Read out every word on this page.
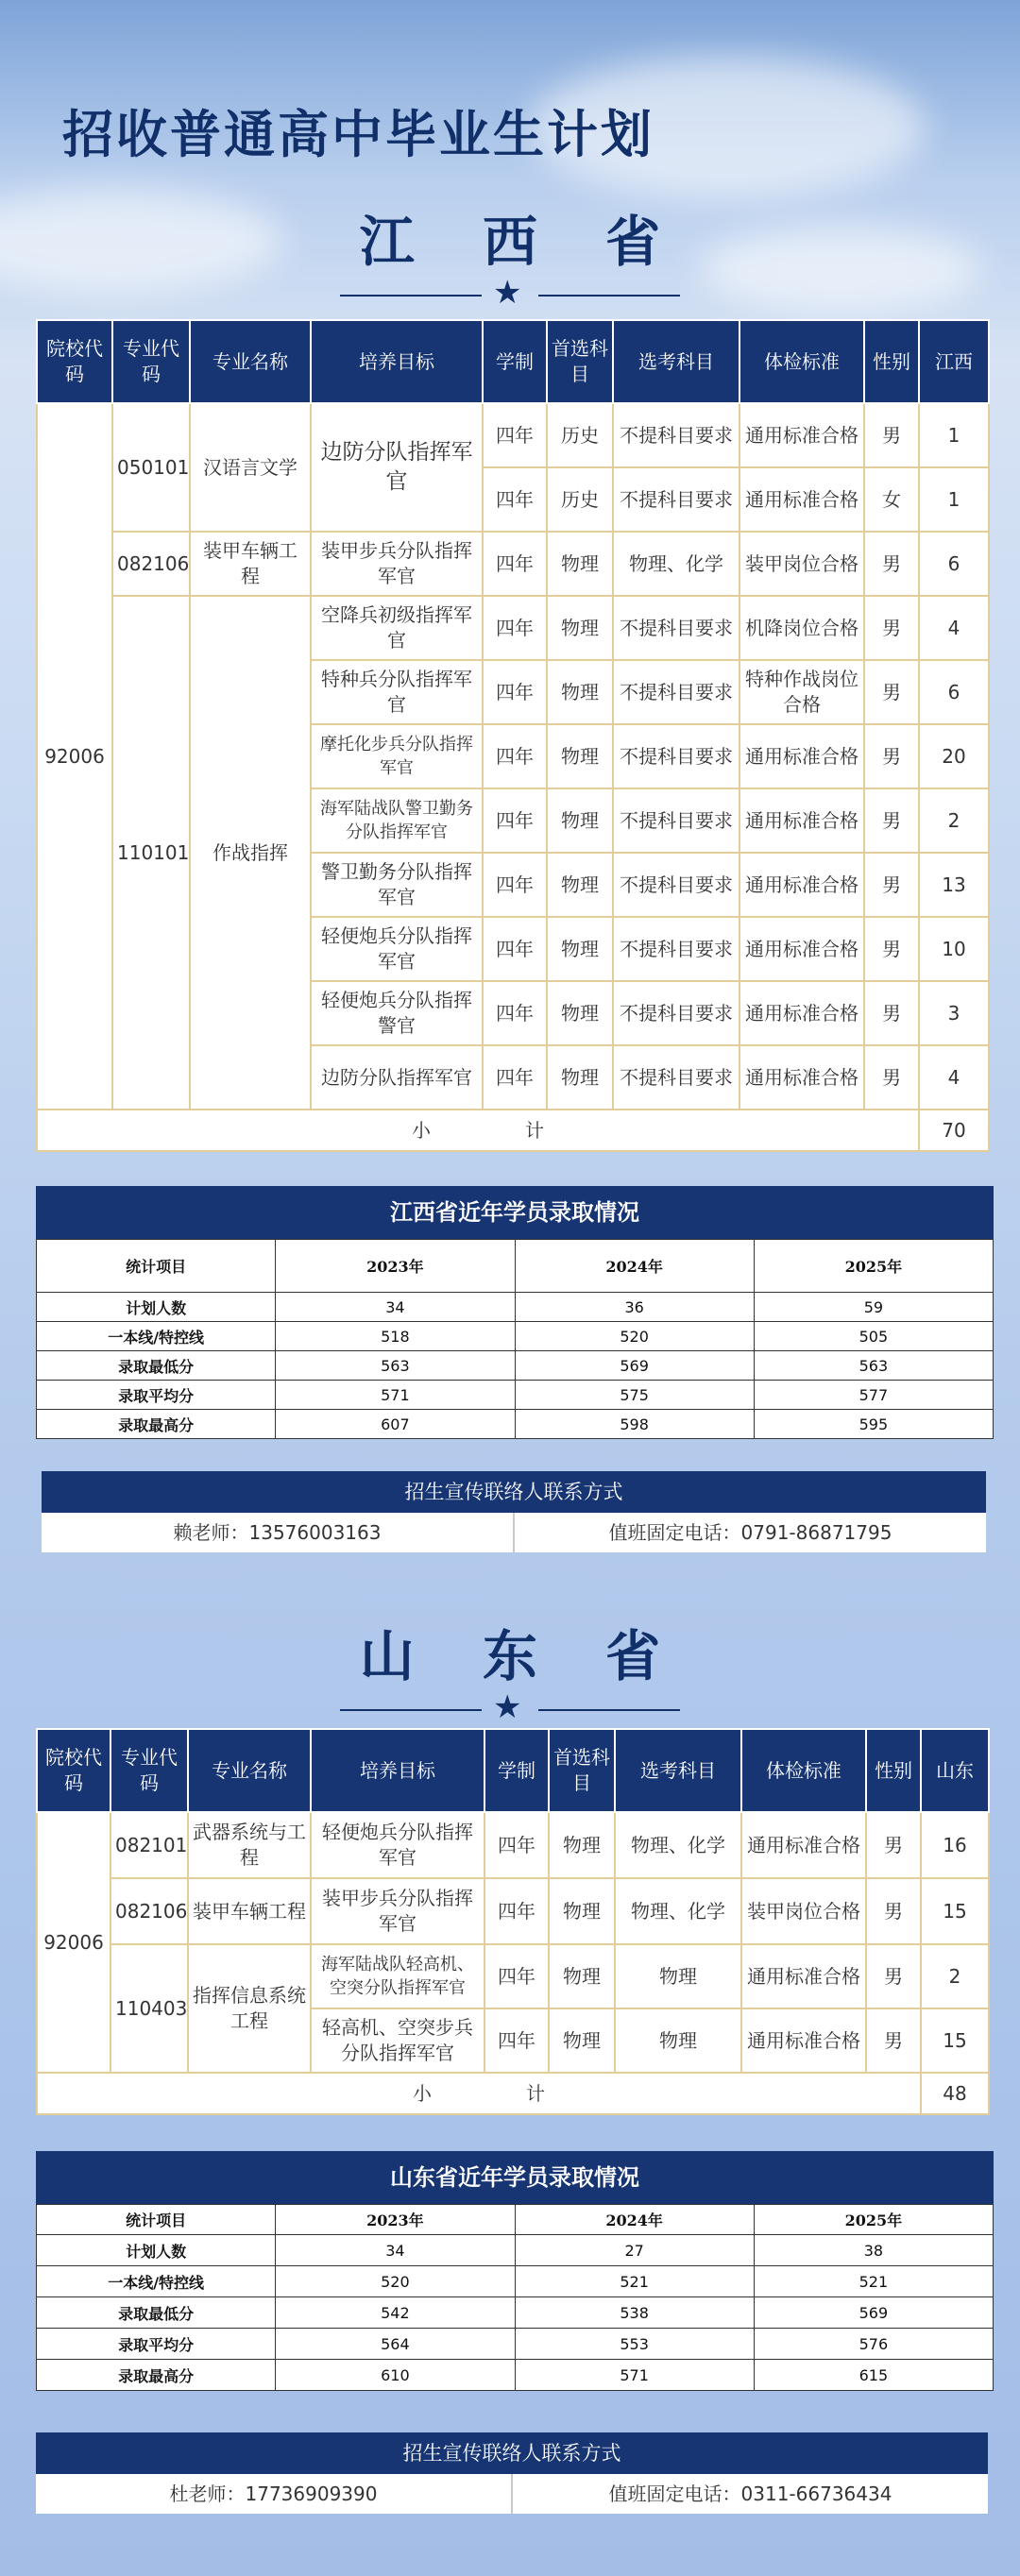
招收普通高中毕业生计划
江 西 省
★
院校代码	专业代码	专业名称	培养目标	学制	首选科目	选考科目	体检标准	性别	江西
92006	050101	汉语言文学	边防分队指挥军官	四年	历史	不提科目要求	通用标准合格	男	1
				四年	历史	不提科目要求	通用标准合格	女	1
	082106	装甲车辆工程	装甲步兵分队指挥军官	四年	物理	物理、化学	装甲岗位合格	男	6
	110101	作战指挥	空降兵初级指挥军官	四年	物理	不提科目要求	机降岗位合格	男	4
			特种兵分队指挥军官	四年	物理	不提科目要求	特种作战岗位合格	男	6
			摩托化步兵分队指挥军官	四年	物理	不提科目要求	通用标准合格	男	20
			海军陆战队警卫勤务分队指挥军官	四年	物理	不提科目要求	通用标准合格	男	2
			警卫勤务分队指挥军官	四年	物理	不提科目要求	通用标准合格	男	13
			轻便炮兵分队指挥军官	四年	物理	不提科目要求	通用标准合格	男	10
			轻便炮兵分队指挥警官	四年	物理	不提科目要求	通用标准合格	男	3
			边防分队指挥军官	四年	物理	不提科目要求	通用标准合格	男	4
小　　　　　计									70
江西省近年学员录取情况
统计项目	2023年	2024年	2025年
计划人数	34	36	59
一本线/特控线	518	520	505
录取最低分	563	569	563
录取平均分	571	575	577
录取最高分	607	598	595
招生宣传联络人联系方式
赖老师：13576003163	值班固定电话：0791-86871795
山 东 省
★
院校代码	专业代码	专业名称	培养目标	学制	首选科目	选考科目	体检标准	性别	山东
92006	082101	武器系统与工程	轻便炮兵分队指挥军官	四年	物理	物理、化学	通用标准合格	男	16
	082106	装甲车辆工程	装甲步兵分队指挥军官	四年	物理	物理、化学	装甲岗位合格	男	15
	110403	指挥信息系统工程	海军陆战队轻高机、空突分队指挥军官	四年	物理	物理	通用标准合格	男	2
			轻高机、空突步兵分队指挥军官	四年	物理	物理	通用标准合格	男	15
小　　　　　计									48
山东省近年学员录取情况
统计项目	2023年	2024年	2025年
计划人数	34	27	38
一本线/特控线	520	521	521
录取最低分	542	538	569
录取平均分	564	553	576
录取最高分	610	571	615
招生宣传联络人联系方式
杜老师：17736909390	值班固定电话：0311-66736434
